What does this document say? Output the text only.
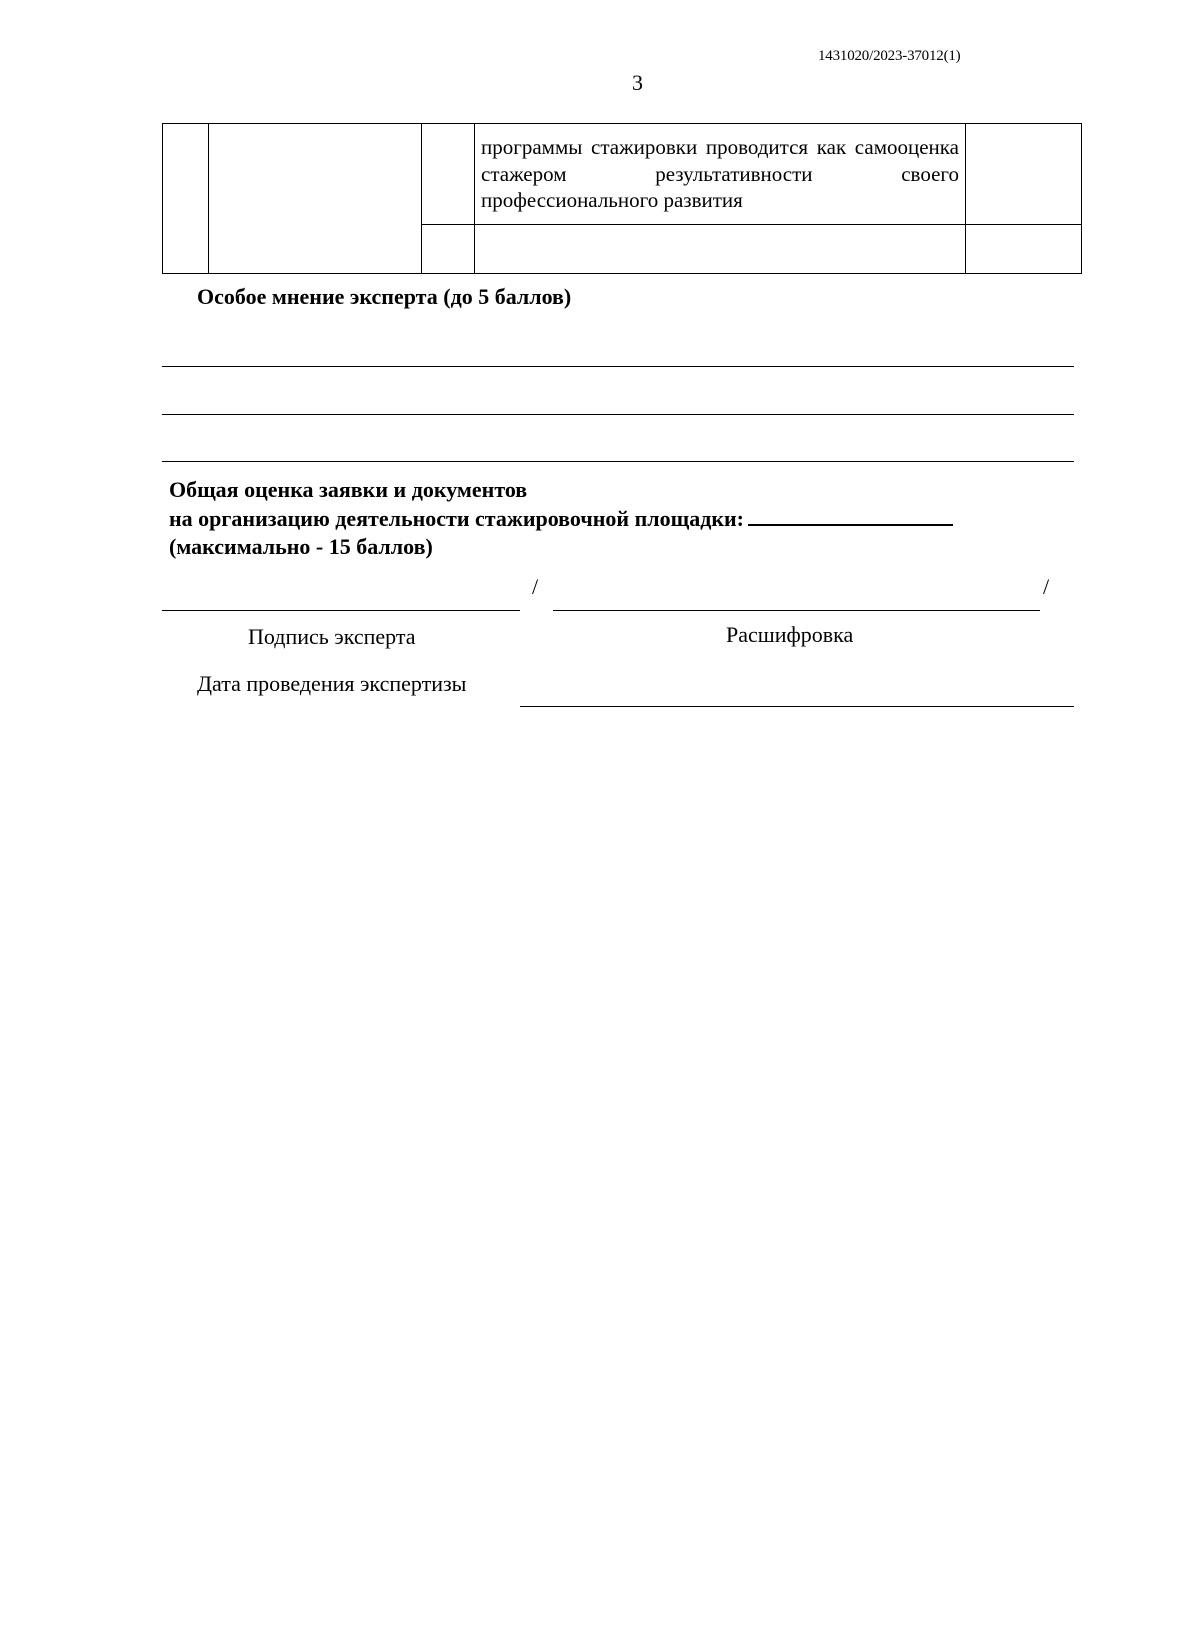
1431020/2023-37012(1)
3

			программы стажировки проводится как самооценка стажером результативности своего профессионального развития	

Особое мнение эксперта (до 5 баллов)
Общая оценка заявки и документов
на организацию деятельности стажировочной площадки:
(максимально - 15 баллов)
/	/
Подпись эксперта	Расшифровка
Дата проведения экспертизы
